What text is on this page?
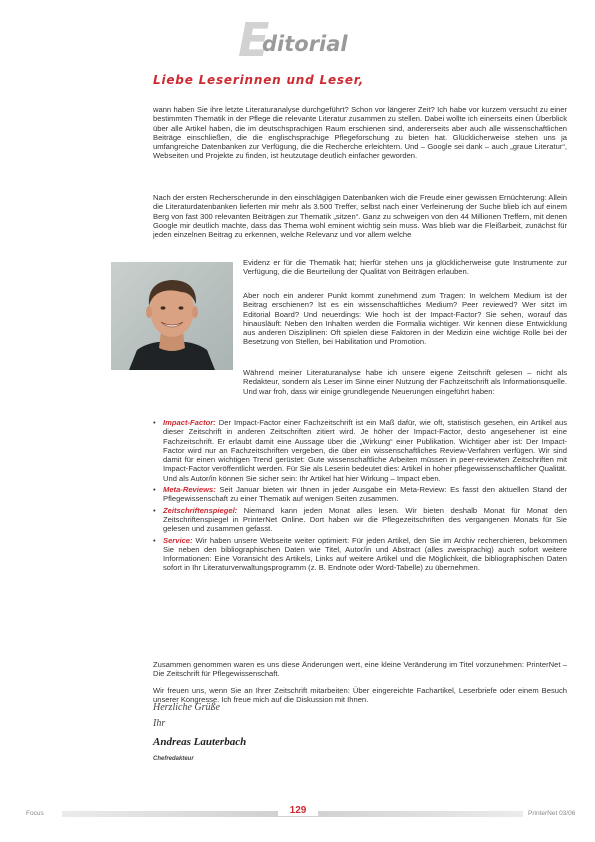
E
ditorial
Liebe Leserinnen und Leser,

wann haben Sie ihre letzte Literaturanalyse durchgeführt? Schon vor längerer Zeit? Ich habe vor kurzem versucht zu einer bestimmten Thematik in der Pflege die relevante Literatur zusammen zu stellen. Dabei wollte ich einerseits einen Überblick über alle Artikel haben, die im deutschsprachigen Raum erschienen sind, andererseits aber auch alle wissenschaftlichen Beiträge einschließen, die die englischsprachige Pflegeforschung zu bieten hat. Glücklicherweise stehen uns ja umfangreiche Datenbanken zur Verfügung, die die Recherche erleichtern. Und – Google sei dank – auch „graue Literatur“, Webseiten und Projekte zu finden, ist heutzutage deutlich einfacher geworden.

Nach der ersten Recherscherunde in den einschlägigen Datenbanken wich die Freude einer gewissen Ernüchterung: Allein die Literaturdatenbanken lieferten mir mehr als 3.500 Treffer, selbst nach einer Verfeinerung der Suche blieb ich auf einem Berg von fast 300 relevanten Beiträgen zur Thematik „sitzen“. Ganz zu schweigen von den 44 Millionen Treffern, mit denen Google mir deutlich machte, dass das Thema wohl eminent wichtig sein muss. Was blieb war die Fleißarbeit, zunächst für jeden einzelnen Beitrag zu erkennen, welche Relevanz und vor allem welche

Evidenz er für die Thematik hat; hierfür stehen uns ja glücklicherweise gute Instrumente zur Verfügung, die die Beurteilung der Qualität von Beiträgen erlauben.

Aber noch ein anderer Punkt kommt zunehmend zum Tragen: In welchem Medium ist der Beitrag erschienen? Ist es ein wissenschaftliches Medium? Peer reviewed? Wer sitzt im Editorial Board? Und neuerdings: Wie hoch ist der Impact-Factor? Sie sehen, worauf das hinausläuft: Neben den Inhalten werden die Formalia wichtiger. Wir kennen diese Entwicklung aus anderen Disziplinen: Oft spielen diese Faktoren in der Medizin eine wichtige Rolle bei der Besetzung von Stellen, bei Habilitation und Promotion.

Während meiner Literaturanalyse habe ich unsere eigene Zeitschrift gelesen – nicht als Redakteur, sondern als Leser im Sinne einer Nutzung der Fachzeitschrift als Informationsquelle. Und war froh, dass wir einige grundlegende Neuerungen eingeführt haben:

• Impact-Factor: Der Impact-Factor einer Fachzeitschrift ist ein Maß dafür, wie oft, statistisch gesehen, ein Artikel aus dieser Zeitschrift in anderen Zeitschriften zitiert wird. Je höher der Impact-Factor, desto angesehener ist eine Fachzeitschrift. Er erlaubt damit eine Aussage über die „Wirkung“ einer Publikation. Wichtiger aber ist: Der Impact-Factor wird nur an Fachzeitschriften vergeben, die über ein wissenschaftliches Review-Verfahren verfügen. Wir sind damit für einen wichtigen Trend gerüstet: Gute wissenschaftliche Arbeiten müssen in peer-reviewten Zeitschriften mit Impact-Factor veröffentlicht werden. Für Sie als Leserin bedeutet dies: Artikel in hoher pflegewissenschaftlicher Qualität. Und als Autor/in können Sie sicher sein: Ihr Artikel hat hier Wirkung – Impact eben.
• Meta-Reviews: Seit Januar bieten wir Ihnen in jeder Ausgabe ein Meta-Review: Es fasst den aktuellen Stand der Pflegewissenschaft zu einer Thematik auf wenigen Seiten zusammen.
• Zeitschriftenspiegel: Niemand kann jeden Monat alles lesen. Wir bieten deshalb Monat für Monat den Zeitschriftenspiegel in PrinterNet Online. Dort haben wir die Pflegezeitschriften des vergangenen Monats für Sie gelesen und zusammen gefasst.
• Service: Wir haben unsere Webseite weiter optimiert: Für jeden Artikel, den Sie im Archiv recherchieren, bekommen Sie neben den bibliographischen Daten wie Titel, Autor/in und Abstract (alles zweisprachig) auch sofort weitere Informationen: Eine Voransicht des Artikels, Links auf weitere Artikel und die Möglichkeit, die bibliographischen Daten sofort in Ihr Literaturverwaltungsprogramm (z. B. Endnote oder Word-Tabelle) zu übernehmen.

Zusammen genommen waren es uns diese Änderungen wert, eine kleine Veränderung im Titel vorzunehmen: PrinterNet – Die Zeitschrift für Pflegewissenschaft.

Wir freuen uns, wenn Sie an Ihrer Zeitschrift mitarbeiten: Über eingereichte Fachartikel, Leserbriefe oder einem Besuch unserer Kongresse. Ich freue mich auf die Diskussion mit Ihnen.

Herzliche Grüße
Ihr
Andreas Lauterbach
Chefredakteur
Focus	129	PrinterNet 03/06
